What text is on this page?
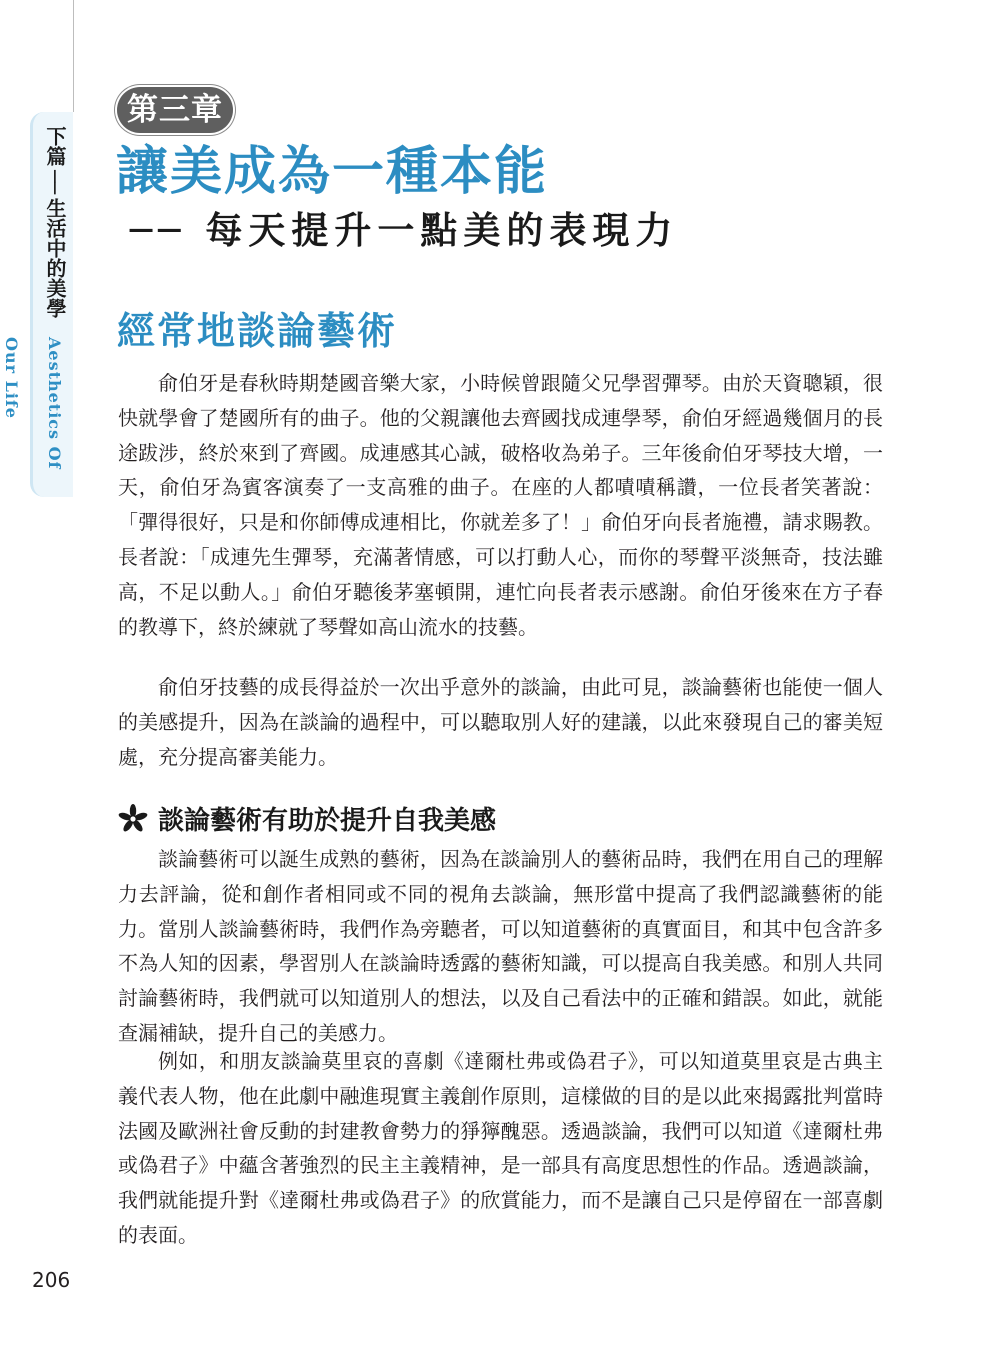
下篇
──
生活中的美學
Aesthetics Of Our Life
第三章
讓美成為一種本能
── 每天提升一點美的表現力
經常地談論藝術

俞伯牙是春秋時期楚國音樂大家，小時候曾跟隨父兄學習彈琴。由於天資聰穎，很快就學會了楚國所有的曲子。他的父親讓他去齊國找成連學琴，俞伯牙經過幾個月的長途跋涉，終於來到了齊國。成連感其心誠，破格收為弟子。三年後俞伯牙琴技大增，一天，俞伯牙為賓客演奏了一支高雅的曲子。在座的人都嘖嘖稱讚，一位長者笑著說：「彈得很好，只是和你師傅成連相比，你就差多了！」俞伯牙向長者施禮，請求賜教。長者說：「成連先生彈琴，充滿著情感，可以打動人心，而你的琴聲平淡無奇，技法雖高，不足以動人。」俞伯牙聽後茅塞頓開，連忙向長者表示感謝。俞伯牙後來在方子春的教導下，終於練就了琴聲如高山流水的技藝。

俞伯牙技藝的成長得益於一次出乎意外的談論，由此可見，談論藝術也能使一個人的美感提升，因為在談論的過程中，可以聽取別人好的建議，以此來發現自己的審美短處，充分提高審美能力。

談論藝術有助於提升自我美感

談論藝術可以誕生成熟的藝術，因為在談論別人的藝術品時，我們在用自己的理解力去評論，從和創作者相同或不同的視角去談論，無形當中提高了我們認識藝術的能力。當別人談論藝術時，我們作為旁聽者，可以知道藝術的真實面目，和其中包含許多不為人知的因素，學習別人在談論時透露的藝術知識，可以提高自我美感。和別人共同討論藝術時，我們就可以知道別人的想法，以及自己看法中的正確和錯誤。如此，就能查漏補缺，提升自己的美感力。

例如，和朋友談論莫里哀的喜劇《達爾杜弗或偽君子》，可以知道莫里哀是古典主義代表人物，他在此劇中融進現實主義創作原則，這樣做的目的是以此來揭露批判當時法國及歐洲社會反動的封建教會勢力的猙獰醜惡。透過談論，我們可以知道《達爾杜弗或偽君子》中蘊含著強烈的民主主義精神，是一部具有高度思想性的作品。透過談論，我們就能提升對《達爾杜弗或偽君子》的欣賞能力，而不是讓自己只是停留在一部喜劇的表面。

206
